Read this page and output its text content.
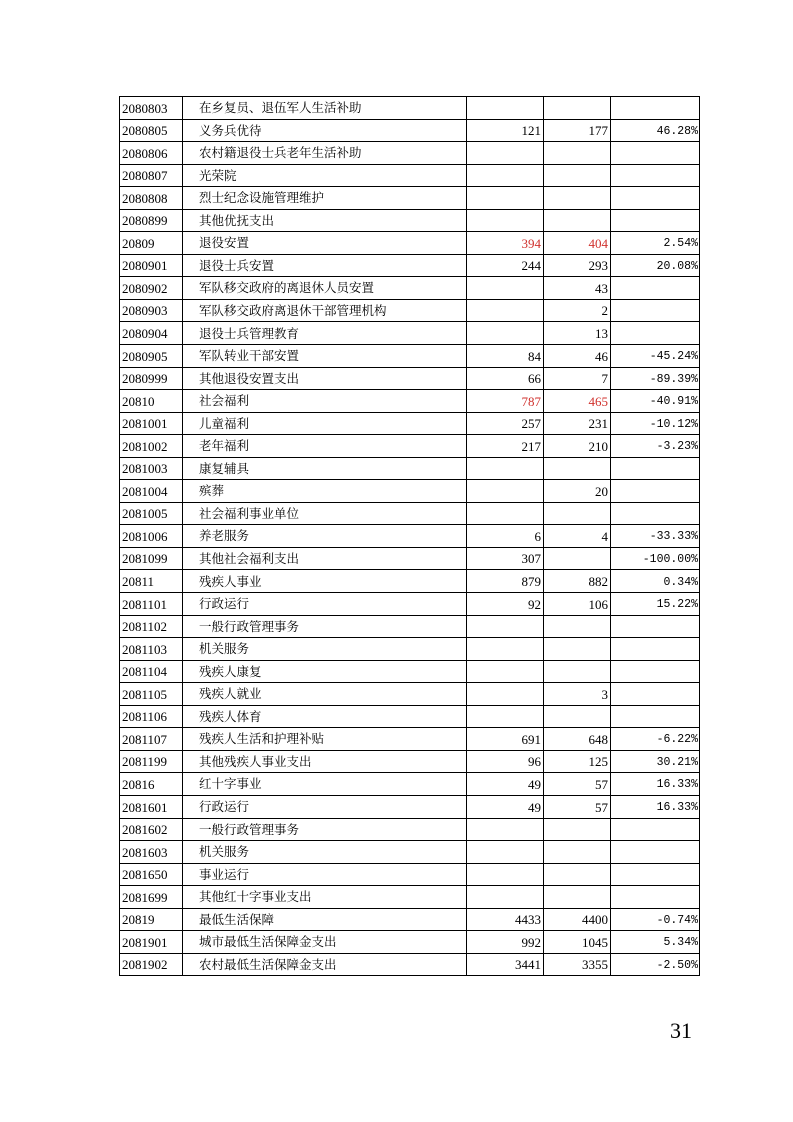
2080803	在乡复员、退伍军人生活补助			
2080805	义务兵优待	121	177	46.28%
2080806	农村籍退役士兵老年生活补助			
2080807	光荣院			
2080808	烈士纪念设施管理维护			
2080899	其他优抚支出			
20809	退役安置	394	404	2.54%
2080901	退役士兵安置	244	293	20.08%
2080902	军队移交政府的离退休人员安置		43	
2080903	军队移交政府离退休干部管理机构		2	
2080904	退役士兵管理教育		13	
2080905	军队转业干部安置	84	46	-45.24%
2080999	其他退役安置支出	66	7	-89.39%
20810	社会福利	787	465	-40.91%
2081001	儿童福利	257	231	-10.12%
2081002	老年福利	217	210	-3.23%
2081003	康复辅具			
2081004	殡葬		20	
2081005	社会福利事业单位			
2081006	养老服务	6	4	-33.33%
2081099	其他社会福利支出	307		-100.00%
20811	残疾人事业	879	882	0.34%
2081101	行政运行	92	106	15.22%
2081102	一般行政管理事务			
2081103	机关服务			
2081104	残疾人康复			
2081105	残疾人就业		3	
2081106	残疾人体育			
2081107	残疾人生活和护理补贴	691	648	-6.22%
2081199	其他残疾人事业支出	96	125	30.21%
20816	红十字事业	49	57	16.33%
2081601	行政运行	49	57	16.33%
2081602	一般行政管理事务			
2081603	机关服务			
2081650	事业运行			
2081699	其他红十字事业支出			
20819	最低生活保障	4433	4400	-0.74%
2081901	城市最低生活保障金支出	992	1045	5.34%
2081902	农村最低生活保障金支出	3441	3355	-2.50%
31
